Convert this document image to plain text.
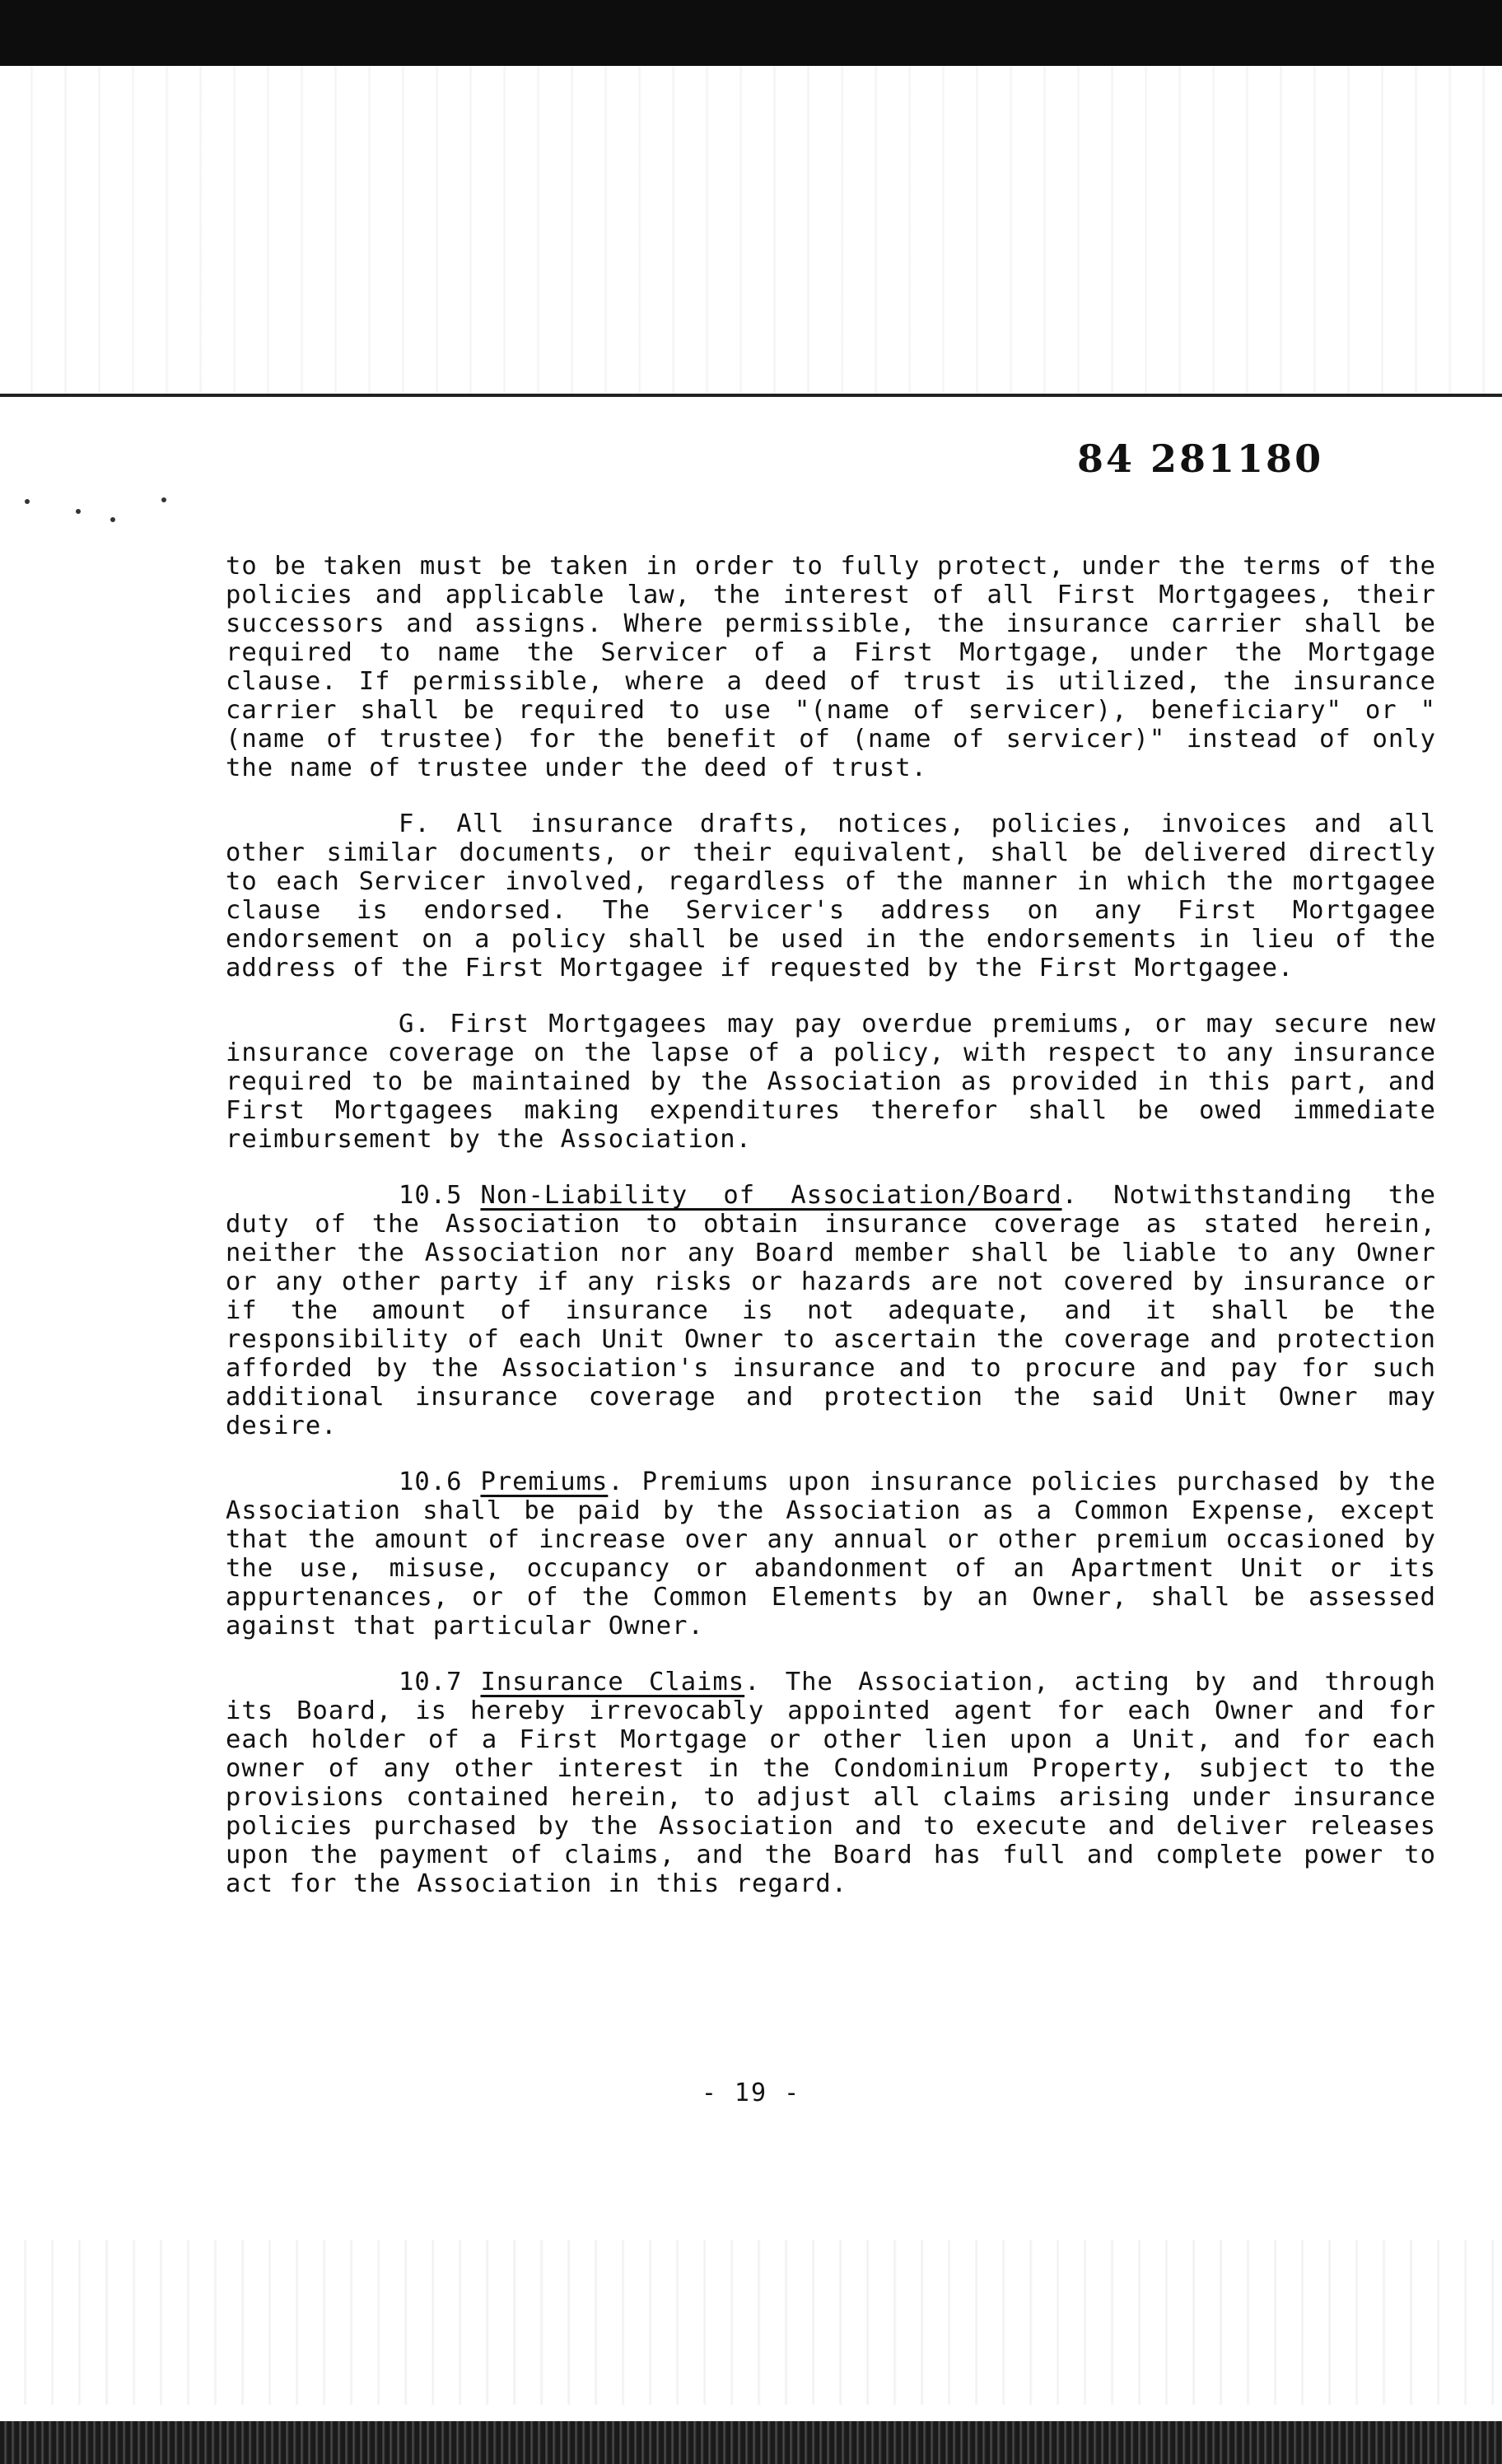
84 281180

to be taken must be taken in order to fully protect, under the terms of the policies and applicable law, the interest of all First Mortgagees, their successors and assigns. Where permissible, the insurance carrier shall be required to name the Servicer of a First Mortgage, under the Mortgage clause. If permissible, where a deed of trust is utilized, the insurance carrier shall be required to use "(name of servicer), beneficiary" or "(name of trustee) for the benefit of (name of servicer)" instead of only the name of trustee under the deed of trust.

F. All insurance drafts, notices, policies, invoices and all other similar documents, or their equivalent, shall be delivered directly to each Servicer involved, regardless of the manner in which the mortgagee clause is endorsed. The Servicer's address on any First Mortgagee endorsement on a policy shall be used in the endorsements in lieu of the address of the First Mortgagee if requested by the First Mortgagee.

G. First Mortgagees may pay overdue premiums, or may secure new insurance coverage on the lapse of a policy, with respect to any insurance required to be maintained by the Association as provided in this part, and First Mortgagees making expenditures therefor shall be owed immediate reimbursement by the Association.

10.5 Non-Liability of Association/Board. Notwithstanding the duty of the Association to obtain insurance coverage as stated herein, neither the Association nor any Board member shall be liable to any Owner or any other party if any risks or hazards are not covered by insurance or if the amount of insurance is not adequate, and it shall be the responsibility of each Unit Owner to ascertain the coverage and protection afforded by the Association's insurance and to procure and pay for such additional insurance coverage and protection the said Unit Owner may desire.

10.6 Premiums. Premiums upon insurance policies purchased by the Association shall be paid by the Association as a Common Expense, except that the amount of increase over any annual or other premium occasioned by the use, misuse, occupancy or abandonment of an Apartment Unit or its appurtenances, or of the Common Elements by an Owner, shall be assessed against that particular Owner.

10.7 Insurance Claims. The Association, acting by and through its Board, is hereby irrevocably appointed agent for each Owner and for each holder of a First Mortgage or other lien upon a Unit, and for each owner of any other interest in the Condominium Property, subject to the provisions contained herein, to adjust all claims arising under insurance policies purchased by the Association and to execute and deliver releases upon the payment of claims, and the Board has full and complete power to act for the Association in this regard.

- 19 -
